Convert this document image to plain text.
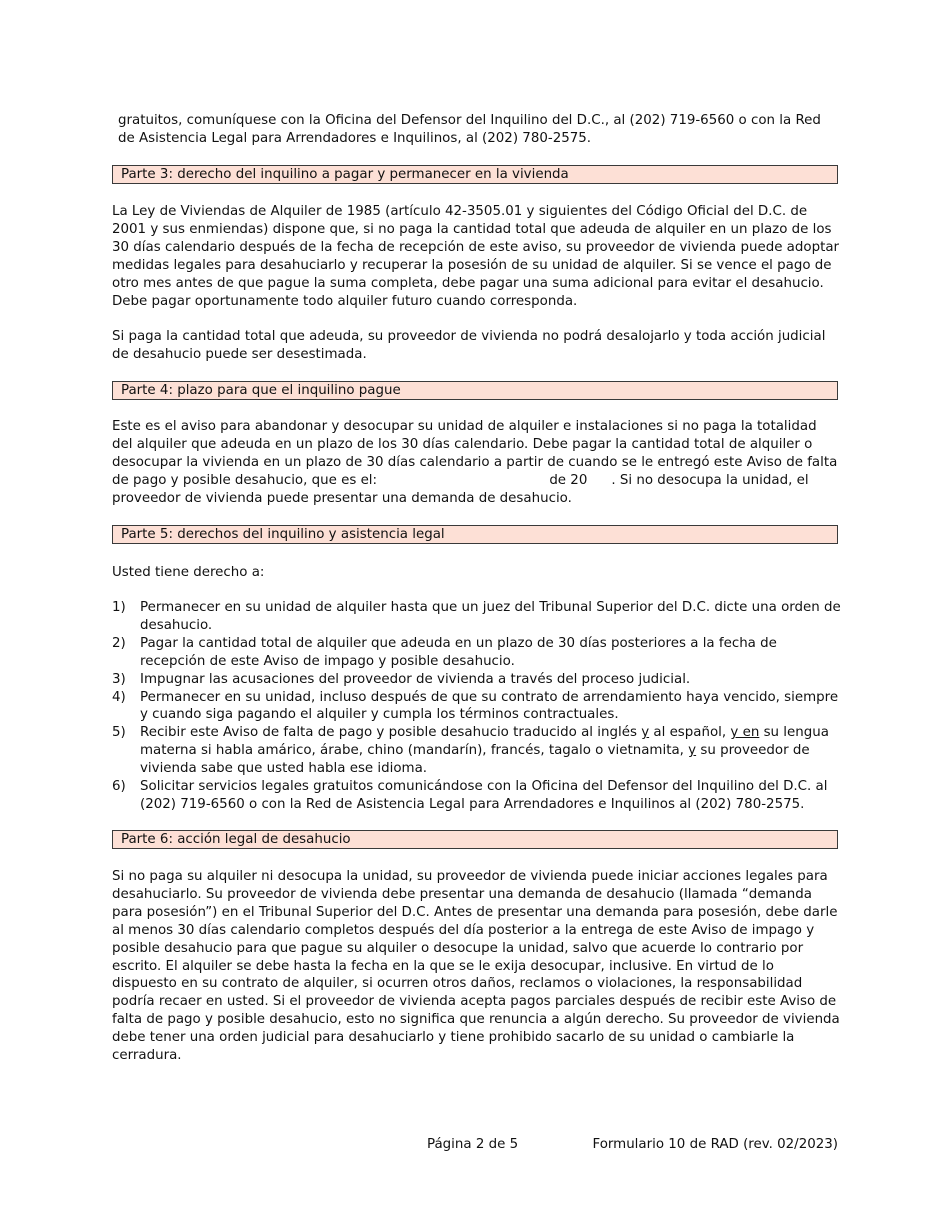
gratuitos, comuníquese con la Oficina del Defensor del Inquilino del D.C., al (202) 719-6560 o con la Red
de Asistencia Legal para Arrendadores e Inquilinos, al (202) 780-2575.

Parte 3: derecho del inquilino a pagar y permanecer en la vivienda

La Ley de Viviendas de Alquiler de 1985 (artículo 42-3505.01 y siguientes del Código Oficial del D.C. de 2001 y sus enmiendas) dispone que, si no paga la cantidad total que adeuda de alquiler en un plazo de los 30 días calendario después de la fecha de recepción de este aviso, su proveedor de vivienda puede adoptar medidas legales para desahuciarlo y recuperar la posesión de su unidad de alquiler. Si se vence el pago de otro mes antes de que pague la suma completa, debe pagar una suma adicional para evitar el desahucio. Debe pagar oportunamente todo alquiler futuro cuando corresponda.

Si paga la cantidad total que adeuda, su proveedor de vivienda no podrá desalojarlo y toda acción judicial de desahucio puede ser desestimada.

Parte 4: plazo para que el inquilino pague

Este es el aviso para abandonar y desocupar su unidad de alquiler e instalaciones si no paga la totalidad del alquiler que adeuda en un plazo de los 30 días calendario. Debe pagar la cantidad total de alquiler o desocupar la vivienda en un plazo de 30 días calendario a partir de cuando se le entregó este Aviso de falta de pago y posible desahucio, que es el:	de 20 . Si no desocupa la unidad, el proveedor de vivienda puede presentar una demanda de desahucio.

Parte 5: derechos del inquilino y asistencia legal

Usted tiene derecho a:

1) Permanecer en su unidad de alquiler hasta que un juez del Tribunal Superior del D.C. dicte una orden de desahucio.
2) Pagar la cantidad total de alquiler que adeuda en un plazo de 30 días posteriores a la fecha de recepción de este Aviso de impago y posible desahucio.
3) Impugnar las acusaciones del proveedor de vivienda a través del proceso judicial.
4) Permanecer en su unidad, incluso después de que su contrato de arrendamiento haya vencido, siempre y cuando siga pagando el alquiler y cumpla los términos contractuales.
5) Recibir este Aviso de falta de pago y posible desahucio traducido al inglés y al español, y en su lengua materna si habla amárico, árabe, chino (mandarín), francés, tagalo o vietnamita, y su proveedor de vivienda sabe que usted habla ese idioma.
6) Solicitar servicios legales gratuitos comunicándose con la Oficina del Defensor del Inquilino del D.C. al (202) 719-6560 o con la Red de Asistencia Legal para Arrendadores e Inquilinos al (202) 780-2575.
Parte 6: acción legal de desahucio

Si no paga su alquiler ni desocupa la unidad, su proveedor de vivienda puede iniciar acciones legales para desahuciarlo. Su proveedor de vivienda debe presentar una demanda de desahucio (llamada “demanda para posesión”) en el Tribunal Superior del D.C. Antes de presentar una demanda para posesión, debe darle al menos 30 días calendario completos después del día posterior a la entrega de este Aviso de impago y posible desahucio para que pague su alquiler o desocupe la unidad, salvo que acuerde lo contrario por escrito. El alquiler se debe hasta la fecha en la que se le exija desocupar, inclusive. En virtud de lo dispuesto en su contrato de alquiler, si ocurren otros daños, reclamos o violaciones, la responsabilidad podría recaer en usted. Si el proveedor de vivienda acepta pagos parciales después de recibir este Aviso de falta de pago y posible desahucio, esto no significa que renuncia a algún derecho. Su proveedor de vivienda debe tener una orden judicial para desahuciarlo y tiene prohibido sacarlo de su unidad o cambiarle la cerradura.

Página 2 de 5	Formulario 10 de RAD (rev. 02/2023)
